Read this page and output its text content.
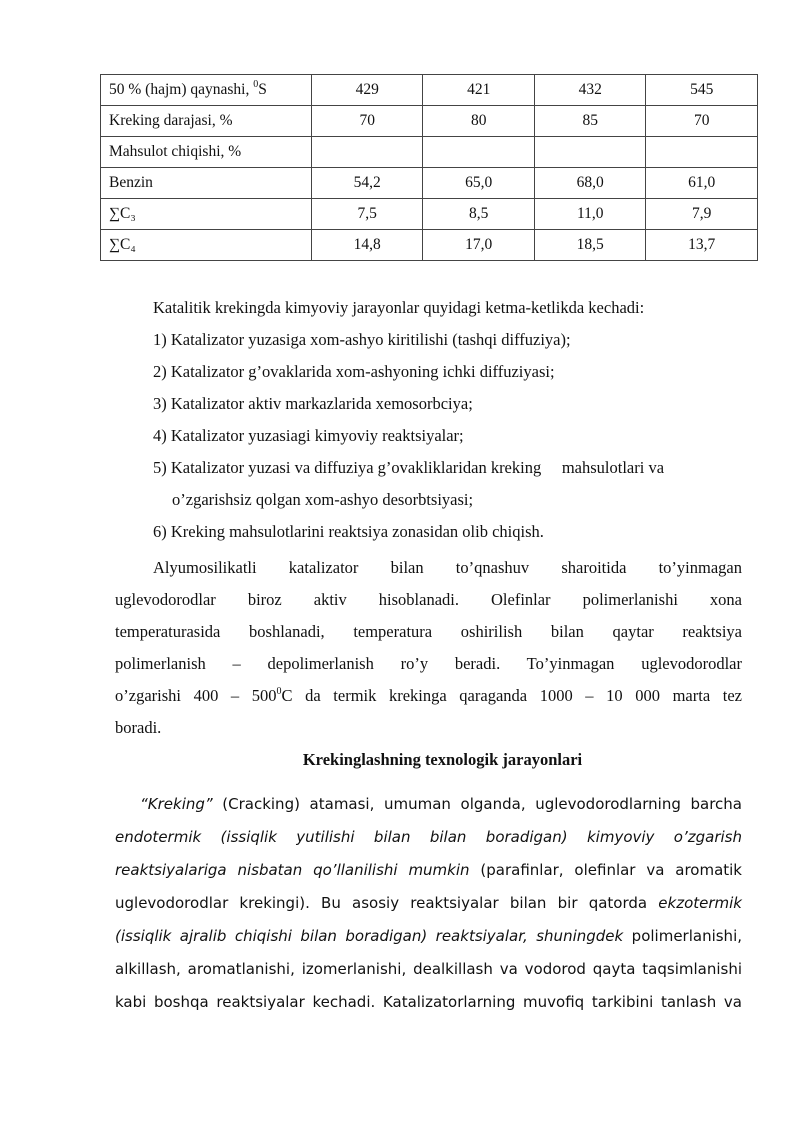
50 % (hajm) qaynashi, $^0$S	429	421	432	545
Kreking darajasi, %	70	80	85	70
Mahsulot chiqishi, %				
Benzin	54,2	65,0	68,0	61,0
∑C₃	7,5	8,5	11,0	7,9
∑C₄	14,8	17,0	18,5	13,7
Katalitik krekingda kimyoviy jarayonlar quyidagi ketma-ketlikda kechadi:
1) Katalizator yuzasiga xom-ashyo kiritilishi (tashqi diffuziya);
2) Katalizator g’ovaklarida xom-ashyoning ichki diffuziyasi;
3) Katalizator aktiv markazlarida xemosorbciya;
4) Katalizator yuzasiagi kimyoviy reaktsiyalar;
5) Katalizator yuzasi va diffuziya g’ovakliklaridan kreking     mahsulotlari va
o’zgarishsiz qolgan xom-ashyo desorbtsiyasi;
6) Kreking mahsulotlarini reaktsiya zonasidan olib chiqish.
Alyumosilikatli katalizator bilan to’qnashuv sharoitida to’yinmagan
uglevodorodlar biroz aktiv hisoblanadi. Olefinlar polimerlanishi xona
temperaturasida boshlanadi, temperatura oshirilish bilan qaytar reaktsiya
polimerlanish – depolimerlanish ro’y beradi. To’yinmagan uglevodorodlar
o’zgarishi $400 - 500^0C$ da termik krekinga qaraganda 1000 – 10 000 marta tez
boradi.
Krekinglashning texnologik jarayonlari
“Kreking” (Cracking) atamasi, umuman olganda, uglevodorodlarning barcha
endotermik (issiqlik yutilishi bilan bilan boradigan) kimyoviy o’zgarish
reaktsiyalariga nisbatan qo’llanilishi mumkin (parafinlar, olefinlar va aromatik
uglevodorodlar krekingi). Bu asosiy reaktsiyalar bilan bir qatorda ekzotermik
(issiqlik ajralib chiqishi bilan boradigan) reaktsiyalar, shuningdek polimerlanishi,
alkillash, aromatlanishi, izomerlanishi, dealkillash va vodorod qayta taqsimlanishi
kabi boshqa reaktsiyalar kechadi. Katalizatorlarning muvofiq tarkibini tanlash va
